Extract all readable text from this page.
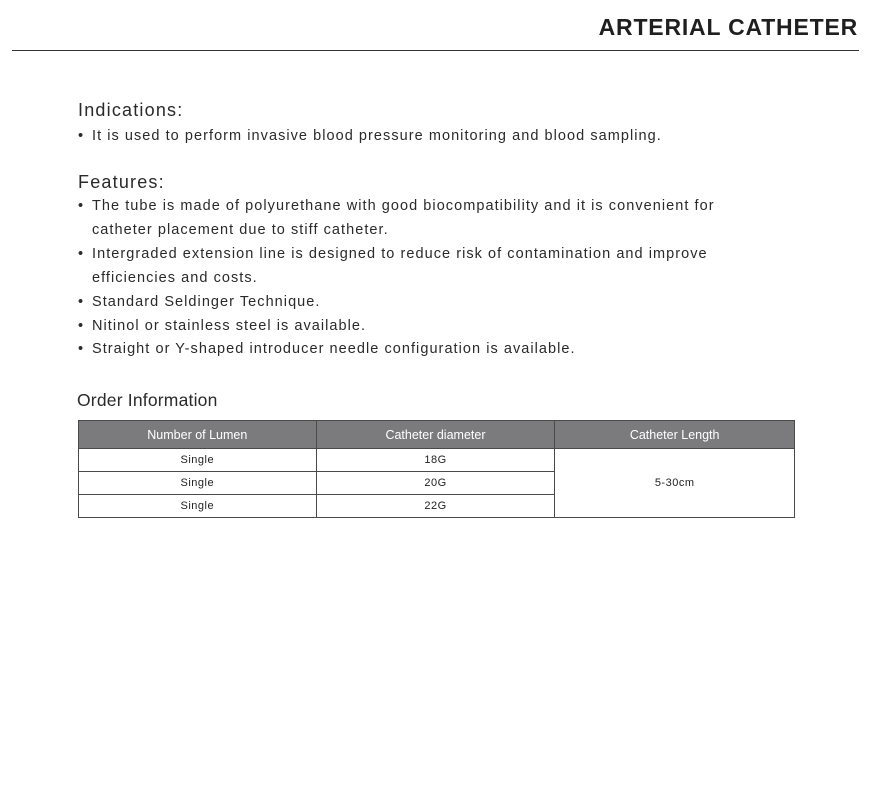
ARTERIAL CATHETER
Indications:
• It is used to perform invasive blood pressure monitoring and blood sampling.
Features:
• The tube is made of polyurethane with good biocompatibility and it is convenient for
catheter placement due to stiff catheter.
• Intergraded extension line is designed to reduce risk of contamination and improve
efficiencies and costs.
• Standard Seldinger Technique.
• Nitinol or stainless steel is available.
• Straight or Y-shaped introducer needle configuration is available.
Order Information
Number of Lumen	Catheter diameter	Catheter Length
Single	18G	5-30cm
Single	20G	
Single	22G	
